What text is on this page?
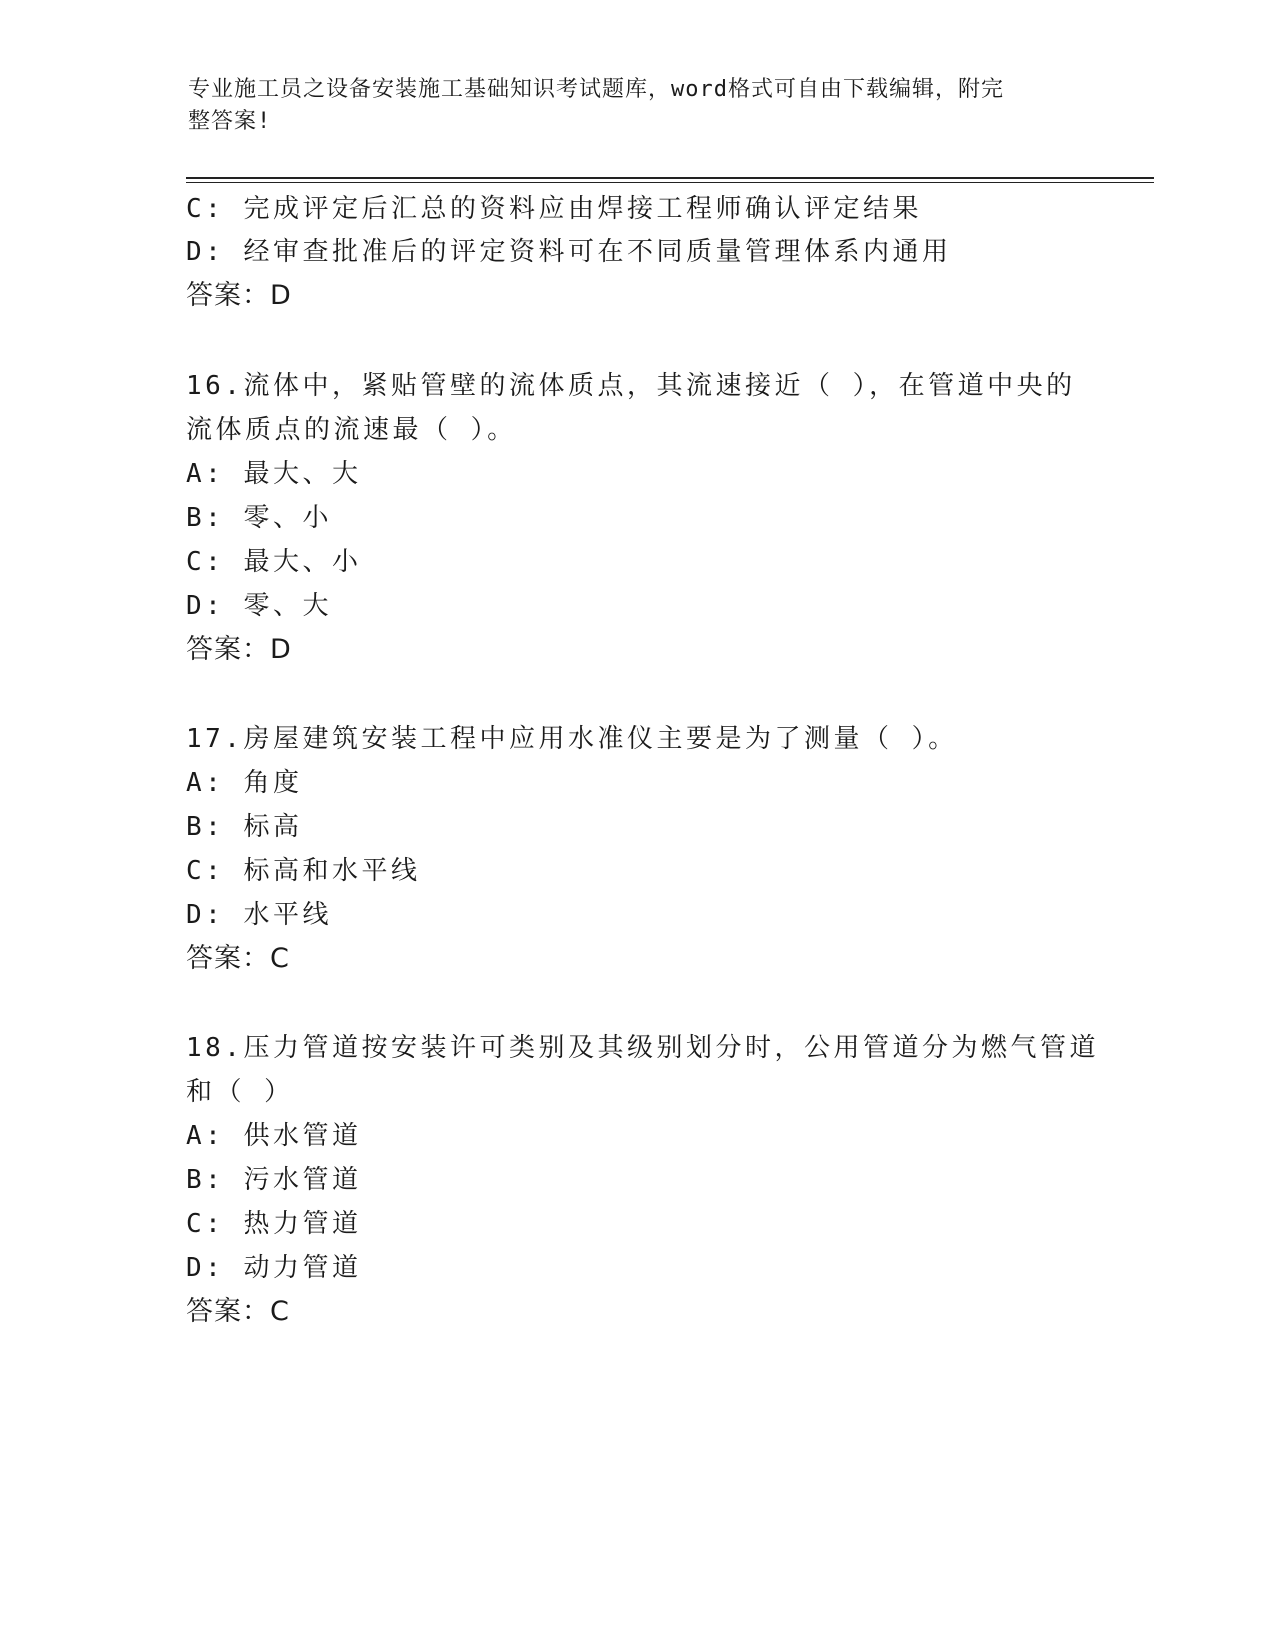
专业施工员之设备安装施工基础知识考试题库，word格式可自由下载编辑，附完
整答案!
C: 完成评定后汇总的资料应由焊接工程师确认评定结果
D: 经审查批准后的评定资料可在不同质量管理体系内通用
答案：D
16.流体中，紧贴管壁的流体质点，其流速接近（ ），在管道中央的
流体质点的流速最（ ）。
A: 最大、大
B: 零、小
C: 最大、小
D: 零、大
答案：D
17.房屋建筑安装工程中应用水准仪主要是为了测量（ ）。
A: 角度
B: 标高
C: 标高和水平线
D: 水平线
答案：C
18.压力管道按安装许可类别及其级别划分时，公用管道分为燃气管道
和（ ）
A: 供水管道
B: 污水管道
C: 热力管道
D: 动力管道
答案：C
